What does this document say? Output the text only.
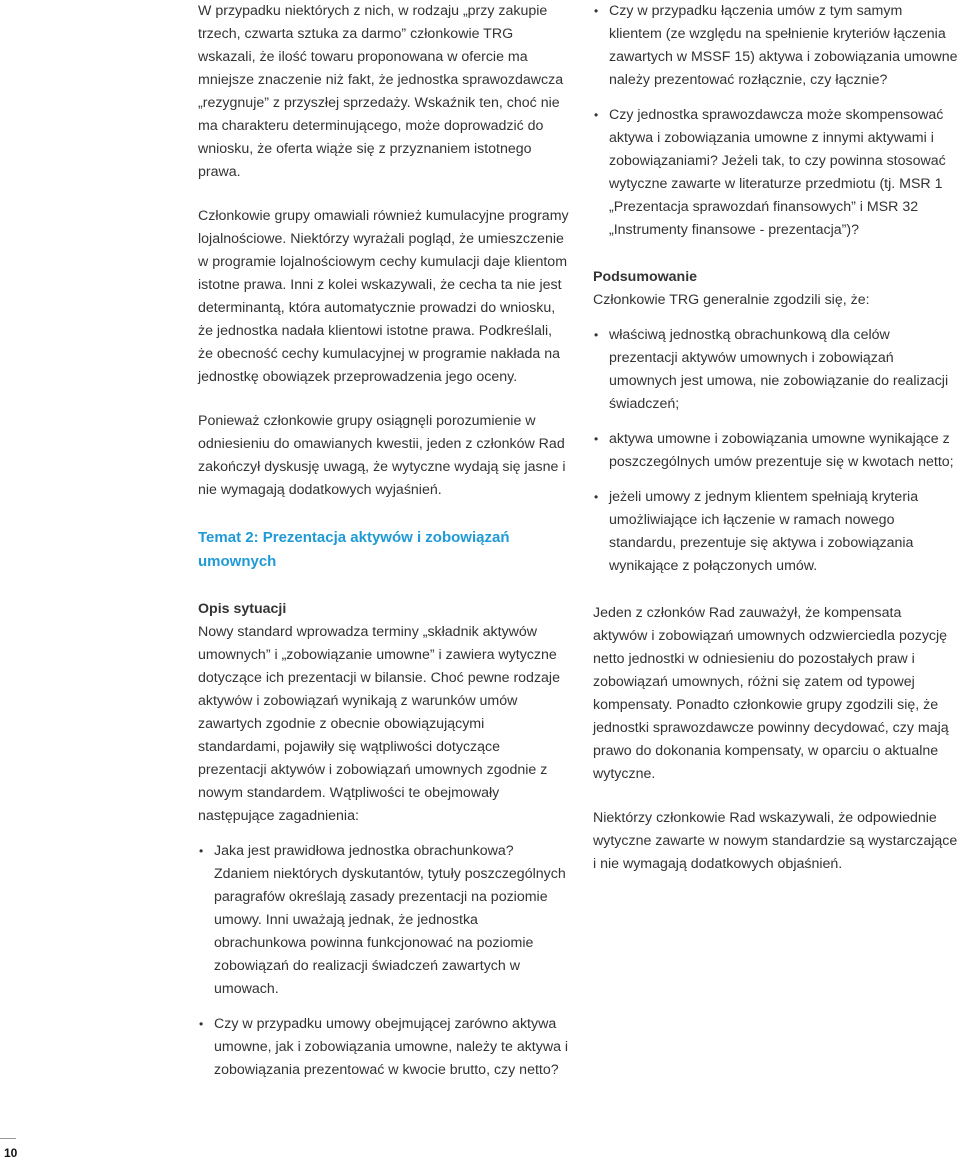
W przypadku niektórych z nich, w rodzaju „przy zakupie trzech, czwarta sztuka za darmo” członkowie TRG wskazali, że ilość towaru proponowana w ofercie ma mniejsze znaczenie niż fakt, że jednostka sprawozdawcza „rezygnuje” z przyszłej sprzedaży. Wskaźnik ten, choć nie ma charakteru determinującego, może doprowadzić do wniosku, że oferta wiąże się z przyznaniem istotnego prawa.

Członkowie grupy omawiali również kumulacyjne programy lojalnościowe. Niektórzy wyrażali pogląd, że umieszczenie w programie lojalnościowym cechy kumulacji daje klientom istotne prawa. Inni z kolei wskazywali, że cecha ta nie jest determinantą, która automatycznie prowadzi do wniosku, że jednostka nadała klientowi istotne prawa. Podkreślali, że obecność cechy kumulacyjnej w programie nakłada na jednostkę obowiązek przeprowadzenia jego oceny.

Ponieważ członkowie grupy osiągnęli porozumienie w odniesieniu do omawianych kwestii, jeden z członków Rad zakończył dyskusję uwagą, że wytyczne wydają się jasne i nie wymagają dodatkowych wyjaśnień.

Temat 2: Prezentacja aktywów i zobowiązań umownych

Opis sytuacji

Nowy standard wprowadza terminy „składnik aktywów umownych” i „zobowiązanie umowne” i zawiera wytyczne dotyczące ich prezentacji w bilansie. Choć pewne rodzaje aktywów i zobowiązań wynikają z warunków umów zawartych zgodnie z obecnie obowiązującymi standardami, pojawiły się wątpliwości dotyczące prezentacji aktywów i zobowiązań umownych zgodnie z nowym standardem. Wątpliwości te obejmowały następujące zagadnienia:

• Jaka jest prawidłowa jednostka obrachunkowa? Zdaniem niektórych dyskutantów, tytuły poszczególnych paragrafów określają zasady prezentacji na poziomie umowy. Inni uważają jednak, że jednostka obrachunkowa powinna funkcjonować na poziomie zobowiązań do realizacji świadczeń zawartych w umowach.
• Czy w przypadku umowy obejmującej zarówno aktywa umowne, jak i zobowiązania umowne, należy te aktywa i zobowiązania prezentować w kwocie brutto, czy netto?
• Czy w przypadku łączenia umów z tym samym klientem (ze względu na spełnienie kryteriów łączenia zawartych w MSSF 15) aktywa i zobowiązania umowne należy prezentować rozłącznie, czy łącznie?
• Czy jednostka sprawozdawcza może skompensować aktywa i zobowiązania umowne z innymi aktywami i zobowiązaniami? Jeżeli tak, to czy powinna stosować wytyczne zawarte w literaturze przedmiotu (tj. MSR 1 „Prezentacja sprawozdań finansowych” i MSR 32 „Instrumenty finansowe - prezentacja”)?

Podsumowanie

Członkowie TRG generalnie zgodzili się, że:

• właściwą jednostką obrachunkową dla celów prezentacji aktywów umownych i zobowiązań umownych jest umowa, nie zobowiązanie do realizacji świadczeń;
• aktywa umowne i zobowiązania umowne wynikające z poszczególnych umów prezentuje się w kwotach netto;
• jeżeli umowy z jednym klientem spełniają kryteria umożliwiające ich łączenie w ramach nowego standardu, prezentuje się aktywa i zobowiązania wynikające z połączonych umów.

Jeden z członków Rad zauważył, że kompensata aktywów i zobowiązań umownych odzwierciedla pozycję netto jednostki w odniesieniu do pozostałych praw i zobowiązań umownych, różni się zatem od typowej kompensaty. Ponadto członkowie grupy zgodzili się, że jednostki sprawozdawcze powinny decydować, czy mają prawo do dokonania kompensaty, w oparciu o aktualne wytyczne.

Niektórzy członkowie Rad wskazywali, że odpowiednie wytyczne zawarte w nowym standardzie są wystarczające i nie wymagają dodatkowych objaśnień.

10
